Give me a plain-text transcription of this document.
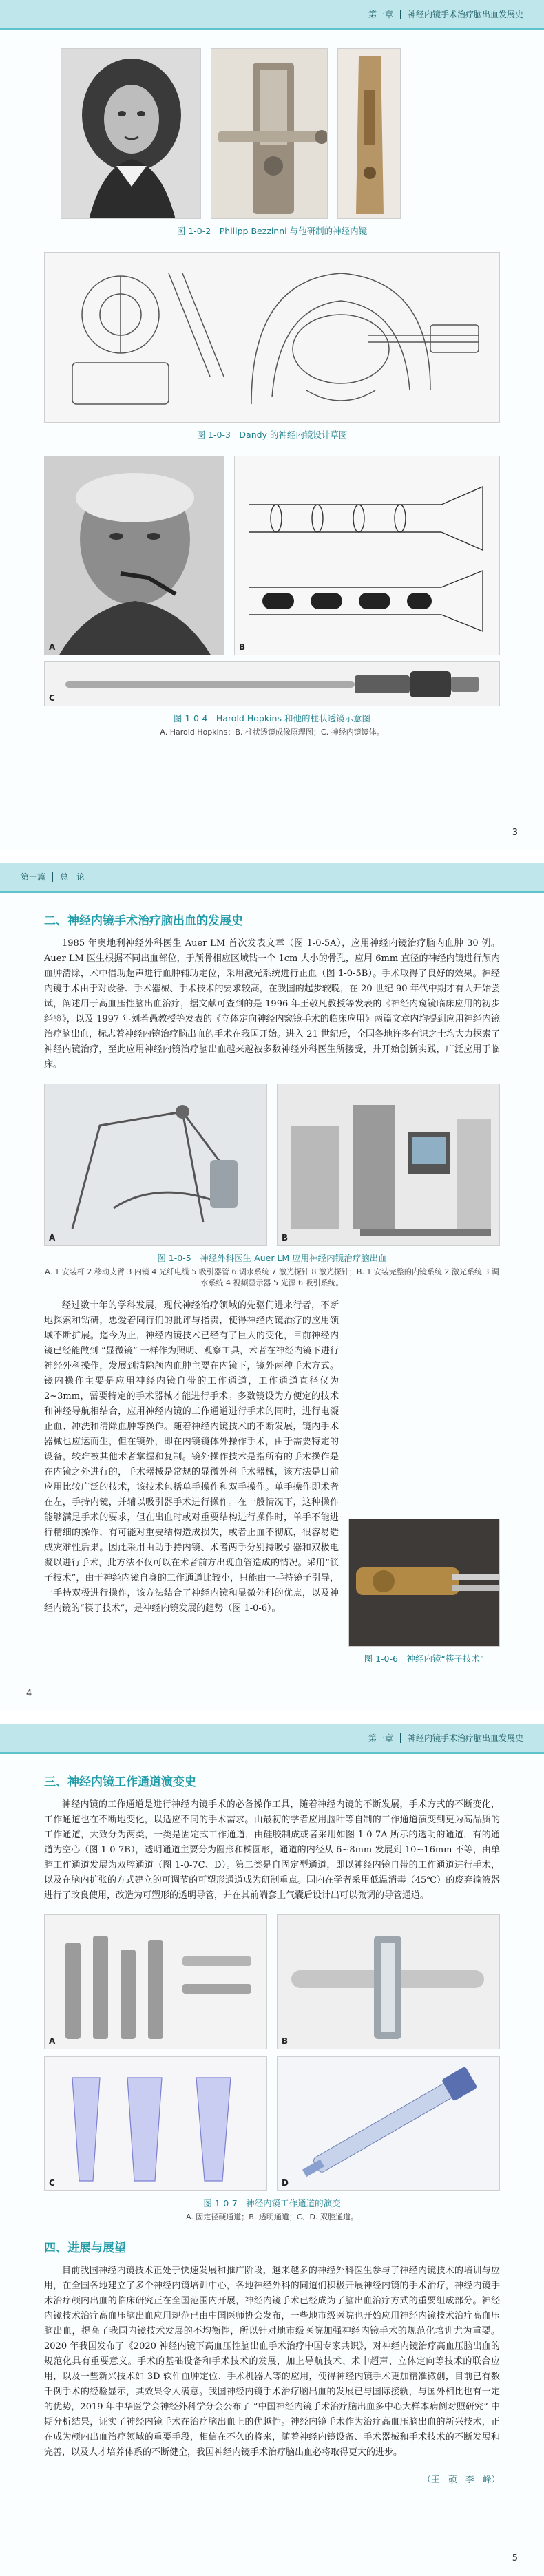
第一章 神经内镜手术治疗脑出血发展史
图 1-0-2　Philipp Bezzinni 与他研制的神经内镜
图 1-0-3　Dandy 的神经内镜设计草图
A	B
C
图 1-0-4　Harold Hopkins 和他的柱状透镜示意图
A. Harold Hopkins；B. 柱状透镜成像原理图；C. 神经内镜镜体。
3
第一篇 总　论
二、神经内镜手术治疗脑出血的发展史

1985 年奥地利神经外科医生 Auer LM 首次发表文章（图 1-0-5A），应用神经内镜治疗脑内血肿 30 例。Auer LM 医生根据不同出血部位，于颅骨相应区域钻一个 1cm 大小的骨孔，应用 6mm 直径的神经内镜进行颅内血肿清除，术中借助超声进行血肿辅助定位，采用激光系统进行止血（图 1-0-5B）。手术取得了良好的效果。神经内镜手术由于对设备、手术器械、手术技术的要求较高，在我国的起步较晚，在 20 世纪 90 年代中期才有人开始尝试，阐述用于高血压性脑出血治疗，据文献可查到的是 1996 年王敬凡教授等发表的《神经内窥镜临床应用的初步经验》，以及 1997 年刘若愚教授等发表的《立体定向神经内窥镜手术的临床应用》两篇文章内均提到应用神经内镜治疗脑出血，标志着神经内镜治疗脑出血的手术在我国开始。进入 21 世纪后，全国各地许多有识之士均大力探索了神经内镜治疗，至此应用神经内镜治疗脑出血越来越被多数神经外科医生所接受，并开始创新实践，广泛应用于临床。

A	B
图 1-0-5　神经外科医生 Auer LM 应用神经内镜治疗脑出血
A. 1 安装杆 2 移动支臂 3 内镜 4 光纤电缆 5 吸引器管 6 调水系统 7 激光探针 8 激光探针；B. 1 安装完整的内镜系统 2 激光系统 3 调水系统 4 视频显示器 5 光源 6 吸引系统。
图 1-0-6　神经内镜“筷子技术”

经过数十年的学科发展，现代神经治疗领域的先驱们进来行者，不断地探索和钻研，忠爱着同行们的批评与指责，使得神经内镜治疗的应用领域不断扩展。迄今为止，神经内镜技术已经有了巨大的变化，目前神经内镜已经能做到 “显微镜” 一样作为照明、观察工具，术者在神经内镜下进行神经外科操作，发展到清除颅内血肿主要在内镜下，镜外两种手术方式。镜内操作主要是应用神经内镜自带的工作通道，工作通道直径仅为 2~3mm，需要特定的手术器械才能进行手术。多数镜设为方便定的技术和神经导航相结合，应用神经内镜的工作通道进行手术的同时，进行电凝止血、冲洗和清除血肿等操作。随着神经内镜技术的不断发展，镜内手术器械也应运而生，但在镜外，即在内镜镜体外操作手术，由于需要特定的设备，较难被其他术者掌握和复制。镜外操作技术是指所有的手术操作是在内镜之外进行的，手术器械是常规的显微外科手术器械，该方法是目前应用比较广泛的技术，该技术包括单手操作和双手操作。单手操作即术者在左，手持内镜，并辅以吸引器手术进行操作。在一般情况下，这种操作能够满足手术的要求，但在出血时或对重要结构进行操作时，单手不能进行精细的操作，有可能对重要结构造成损失，或者止血不彻底，很容易造成灾难性后果。因此采用由助手持内镜、术者两手分别持吸引器和双极电凝以进行手术，此方法不仅可以在术者前方出现血管造成的情况。采用“筷子技术”，由于神经内镜自身的工作通道比较小，只能由一手持镜子引导，一手持双极进行操作，该方法结合了神经内镜和显微外科的优点，以及神经内镜的“筷子技术”，是神经内镜发展的趋势（图 1-0-6）。

4
第一章 神经内镜手术治疗脑出血发展史
三、神经内镜工作通道演变史

神经内镜的工作通道是进行神经内镜手术的必备操作工具，随着神经内镜的不断发展，手术方式的不断变化，工作通道也在不断地变化，以适应不同的手术需求。由最初的学者应用脑叶等自制的工作通道演变到更为高品质的工作通道，大致分为两类，一类是固定式工作通道，由硅胶制成或者采用如图 1-0-7A 所示的透明的通道，有的通道为空心（图 1-0-7B），透明通道主要分为圆形和椭圆形，通道的内径从 6~8mm 发展到 10~16mm 不等，由单腔工作通道发展为双腔通道（图 1-0-7C、D）。第二类是自固定型通道，即以神经内镜自带的工作通道进行手术，以及在脑内扩张的方式建立的可调节的可塑形通道成为研制重点。国内在学者采用低温消毒（45℃）的废弃输液器进行了改良使用，改造为可塑形的透明导管，并在其前端套上气囊后设计出可以微调的导管通道。

A	B
C	D
图 1-0-7　神经内镜工作通道的演变
A. 固定径硬通道；B. 透明通道；C、D. 双腔通道。
四、进展与展望

目前我国神经内镜技术正处于快速发展和推广阶段，越来越多的神经外科医生参与了神经内镜技术的培训与应用，在全国各地建立了多个神经内镜培训中心，各地神经外科的同道们积极开展神经内镜的手术治疗，神经内镜手术治疗颅内出血的临床研究正在全国范围内开展，神经内镜手术已经成为了脑出血治疗方式的重要组成部分。神经内镜技术治疗高血压脑出血应用规范已由中国医师协会发布，一些地市级医院也开始应用神经内镜技术治疗高血压脑出血，提高了我国内镜技术发展的不均衡性，所以针对地市级医院加强神经内镜手术的规范化培训尤为重要。2020 年我国发布了《2020 神经内镜下高血压性脑出血手术治疗中国专家共识》，对神经内镜治疗高血压脑出血的规范化具有重要意义。手术的基础设备和手术技术的发展，加上导航技术、术中超声、立体定向等技术的联合应用，以及一些新兴技术如 3D 软件血肿定位、手术机器人等的应用，使得神经内镜手术更加精准微创，目前已有数千例手术的经验显示，其效果令人满意。我国神经内镜手术治疗脑出血的发展已与国际接轨，与国外相比也有一定的优势，2019 年中华医学会神经外科学分会公布了 “中国神经内镜手术治疗脑出血多中心大样本病例对照研究” 中期分析结果，证实了神经内镜手术在治疗脑出血上的优越性。神经内镜手术作为治疗高血压脑出血的新兴技术，正在成为颅内出血治疗领域的重要手段，相信在不久的将来，随着神经内镜设备、手术器械和手术技术的不断发展和完善，以及人才培养体系的不断健全，我国神经内镜手术治疗脑出血必将取得更大的进步。

（王　硕　李　峰）
5
